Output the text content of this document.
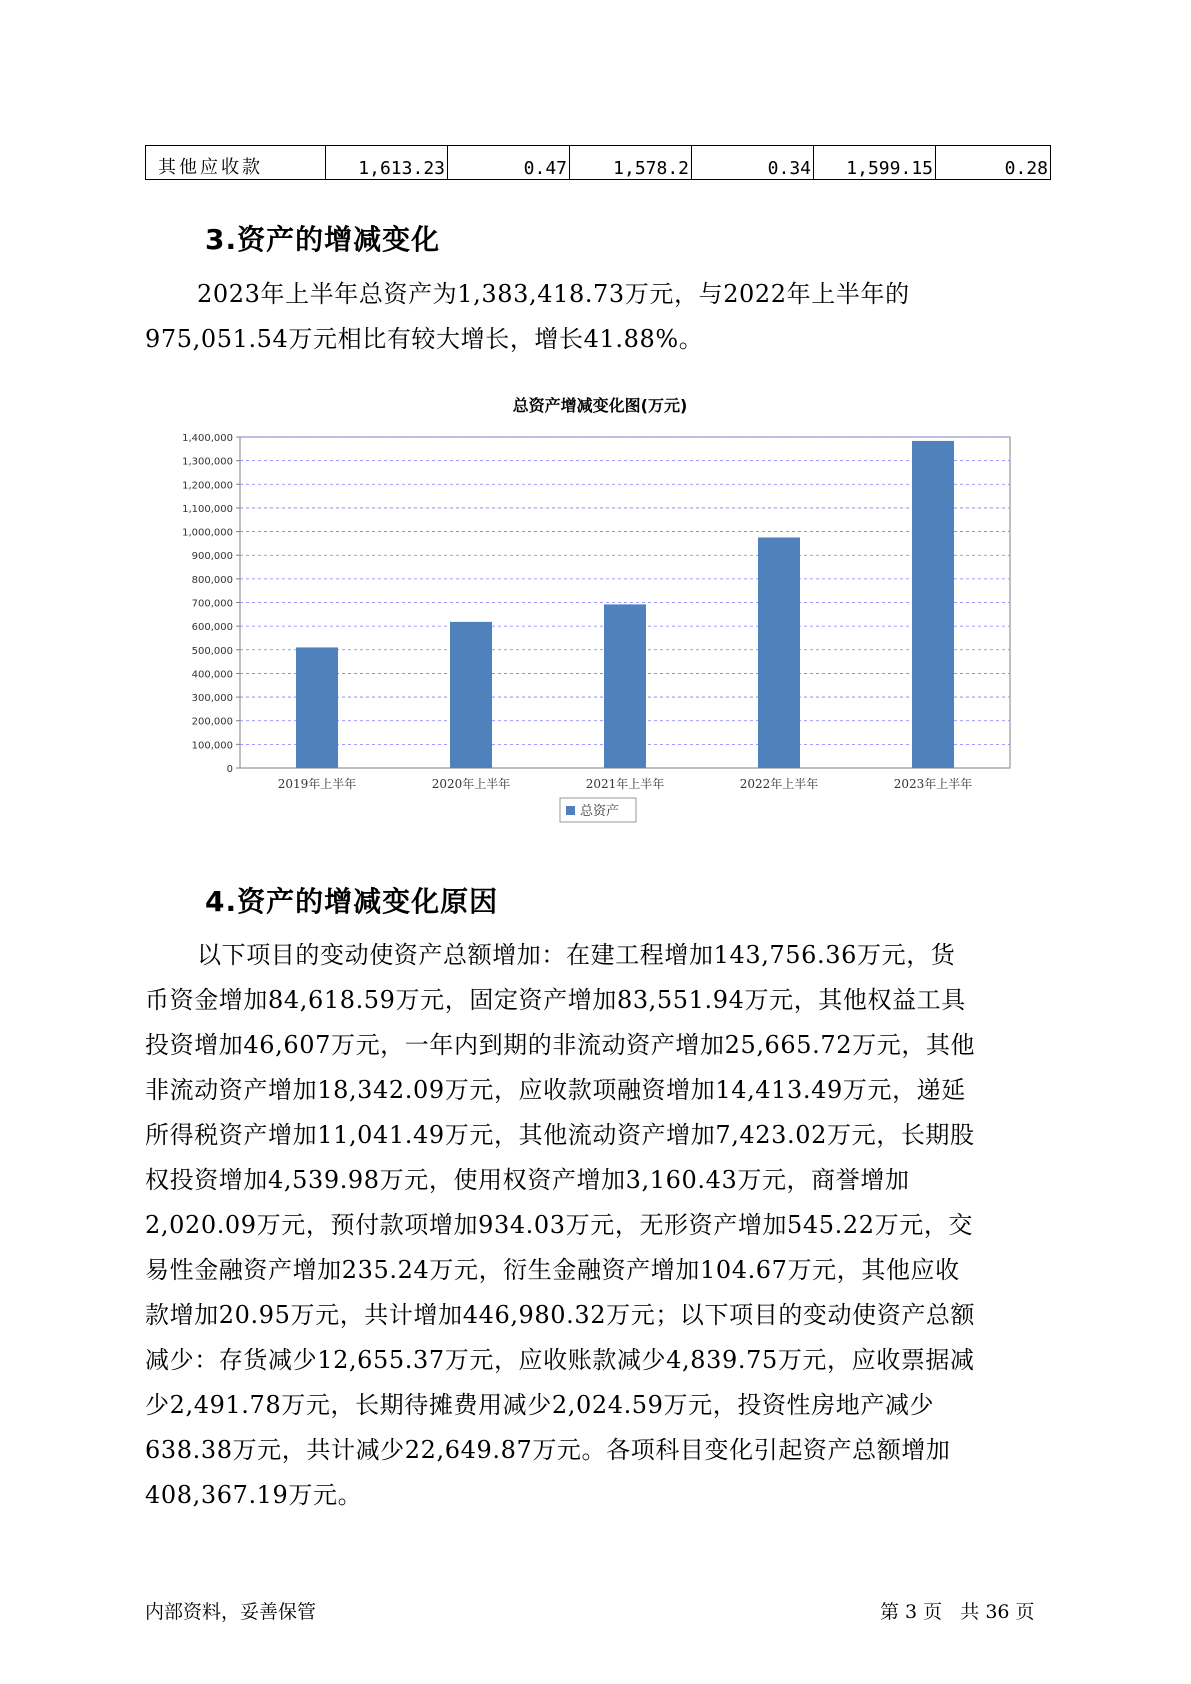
其他应收款	1,613.23	0.47	1,578.2	0.34	1,599.15	0.28
3.资产的增减变化
2023年上半年总资产为1,383,418.73万元，与2022年上半年的
975,051.54万元相比有较大增长，增长41.88%。
总资产增减变化图(万元)
0
100,000
200,000
300,000
400,000
500,000
600,000
700,000
800,000
900,000
1,000,000
1,100,000
1,200,000
1,300,000
1,400,000
2019年上半年	2020年上半年	2021年上半年	2022年上半年	2023年上半年
总资产
4.资产的增减变化原因
以下项目的变动使资产总额增加：在建工程增加143,756.36万元，货
币资金增加84,618.59万元，固定资产增加83,551.94万元，其他权益工具
投资增加46,607万元，一年内到期的非流动资产增加25,665.72万元，其他
非流动资产增加18,342.09万元，应收款项融资增加14,413.49万元，递延
所得税资产增加11,041.49万元，其他流动资产增加7,423.02万元，长期股
权投资增加4,539.98万元，使用权资产增加3,160.43万元，商誉增加
2,020.09万元，预付款项增加934.03万元，无形资产增加545.22万元，交
易性金融资产增加235.24万元，衍生金融资产增加104.67万元，其他应收
款增加20.95万元，共计增加446,980.32万元；以下项目的变动使资产总额
减少：存货减少12,655.37万元，应收账款减少4,839.75万元，应收票据减
少2,491.78万元，长期待摊费用减少2,024.59万元，投资性房地产减少
638.38万元，共计减少22,649.87万元。各项科目变化引起资产总额增加
408,367.19万元。
内部资料，妥善保管	第 3 页   共 36 页
